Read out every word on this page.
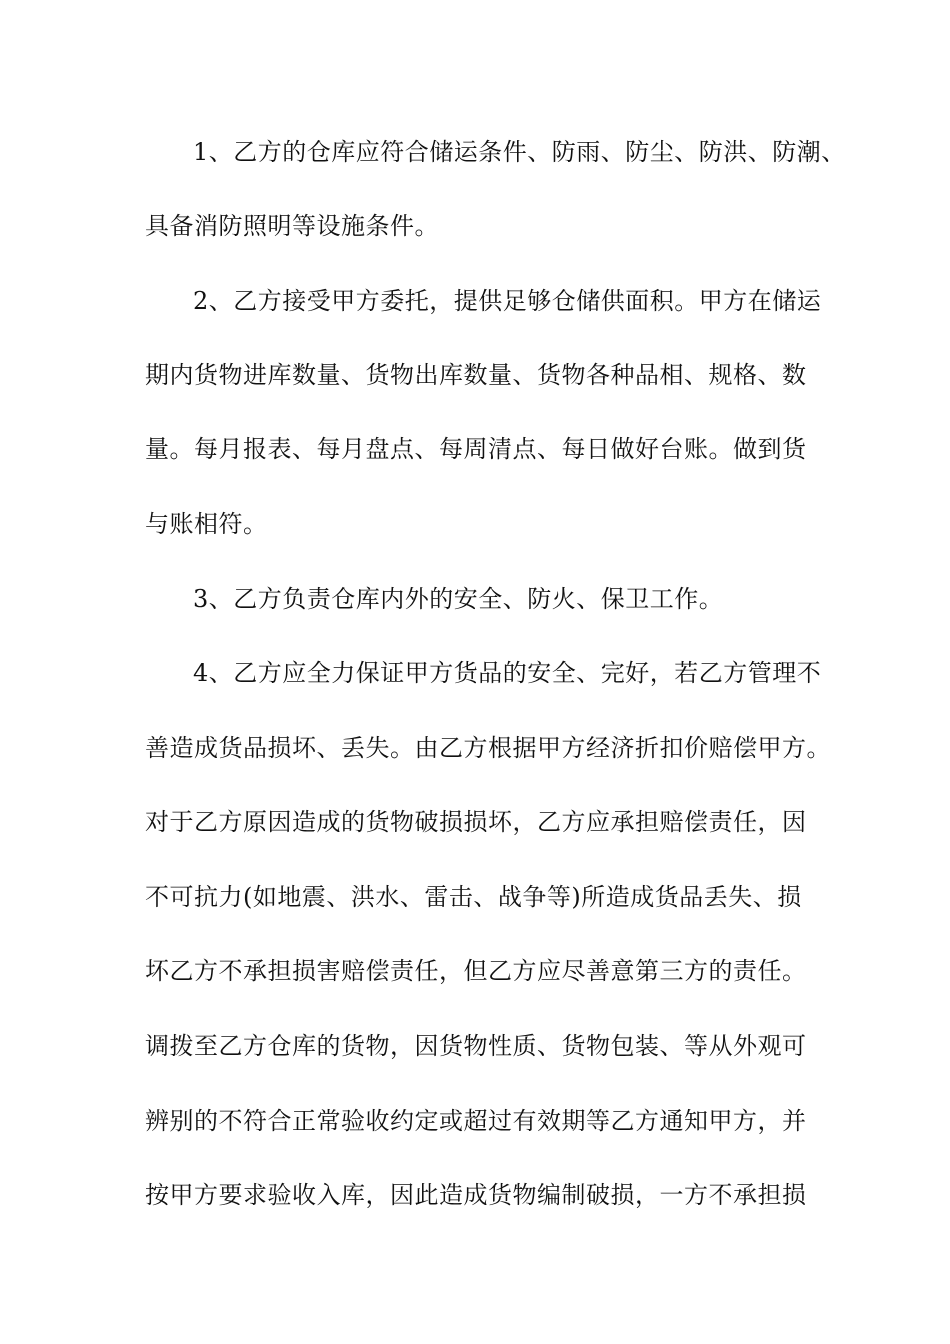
1、乙方的仓库应符合储运条件、防雨、防尘、防洪、防潮、
具备消防照明等设施条件。
2、乙方接受甲方委托，提供足够仓储供面积。甲方在储运
期内货物进库数量、货物出库数量、货物各种品相、规格、数
量。每月报表、每月盘点、每周清点、每日做好台账。做到货
与账相符。
3、乙方负责仓库内外的安全、防火、保卫工作。
4、乙方应全力保证甲方货品的安全、完好，若乙方管理不
善造成货品损坏、丢失。由乙方根据甲方经济折扣价赔偿甲方。
对于乙方原因造成的货物破损损坏，乙方应承担赔偿责任，因
不可抗力(如地震、洪水、雷击、战争等)所造成货品丢失、损
坏乙方不承担损害赔偿责任，但乙方应尽善意第三方的责任。
调拨至乙方仓库的货物，因货物性质、货物包装、等从外观可
辨别的不符合正常验收约定或超过有效期等乙方通知甲方，并
按甲方要求验收入库，因此造成货物编制破损，一方不承担损
